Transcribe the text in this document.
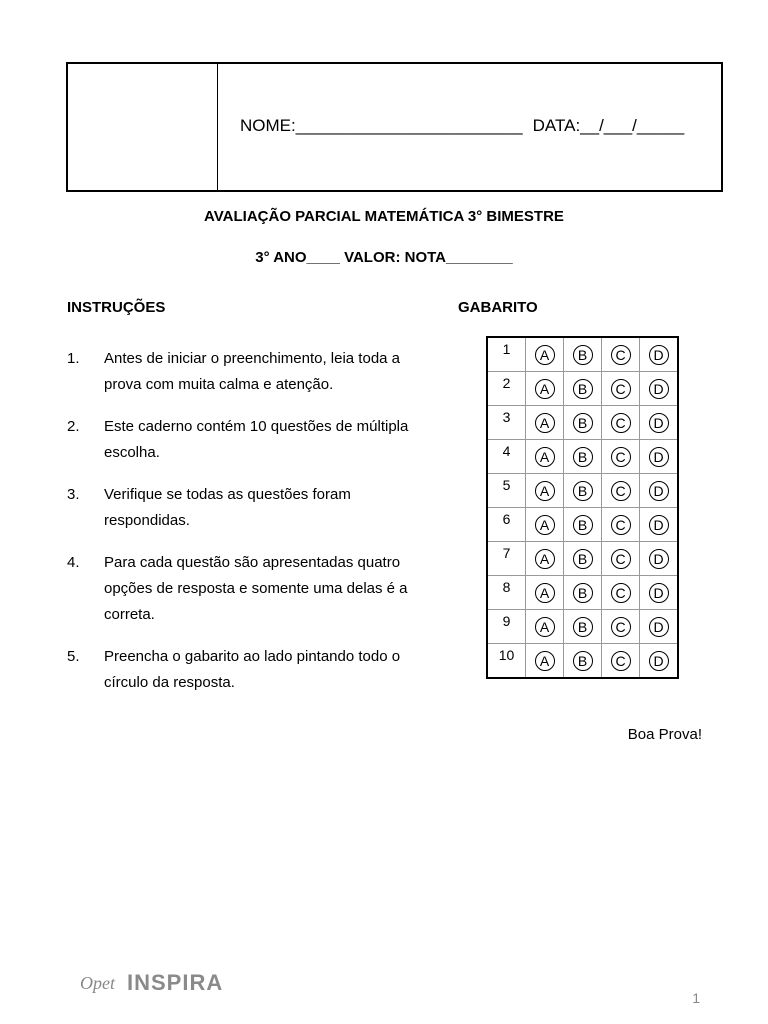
NOME:________________________ DATA:__/___/_____
AVALIAÇÃO PARCIAL MATEMÁTICA 3° BIMESTRE
3° ANO____ VALOR: NOTA________
INSTRUÇÕES	GABARITO
1. Antes de iniciar o preenchimento, leia toda a prova com muita calma e atenção.
2. Este caderno contém 10 questões de múltipla escolha.
3. Verifique se todas as questões foram respondidas.
4. Para cada questão são apresentadas quatro opções de resposta e somente uma delas é a correta.
5. Preencha o gabarito ao lado pintando todo o círculo da resposta.
1	A	B	C	D
2	A	B	C	D
3	A	B	C	D
4	A	B	C	D
5	A	B	C	D
6	A	B	C	D
7	A	B	C	D
8	A	B	C	D
9	A	B	C	D
10	A	B	C	D
Boa Prova!
Opet INSPIRA
1
